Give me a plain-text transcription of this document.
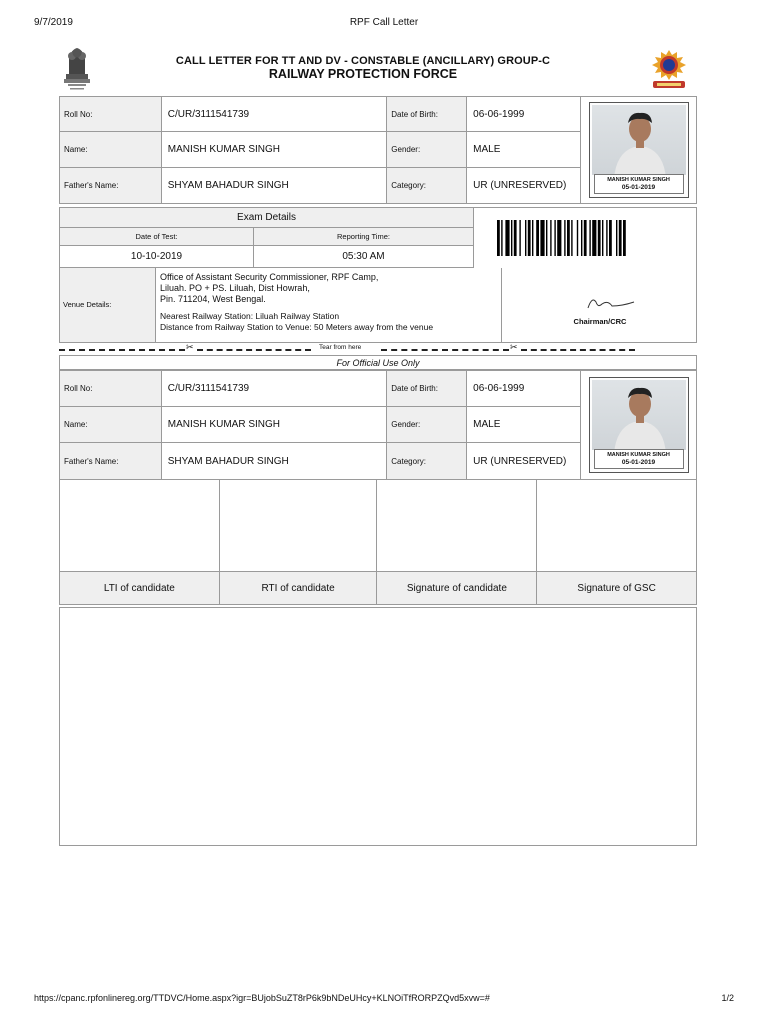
9/7/2019	RPF Call Letter
CALL LETTER FOR TT AND DV - CONSTABLE (ANCILLARY) GROUP-C
RAILWAY PROTECTION FORCE
Roll No:	C/UR/3111541739	Date of Birth:	06-06-1999	MANISH KUMAR SINGH
05-01-2019

Name:	MANISH KUMAR SINGH	Gender:	MALE	
Father's Name:	SHYAM BAHADUR SINGH	Category:	UR (UNRESERVED)	
Exam Details
Date of Test:	Reporting Time:
10-10-2019	05:30 AM
Venue Details:
Office of Assistant Security Commissioner, RPF Camp,
Liluah. PO + PS. Liluah, Dist Howrah,
Pin. 711204, West Bengal.
Nearest Railway Station: Liluah Railway Station
Distance from Railway Station to Venue: 50 Meters away from the venue
Chairman/CRC
✂	Tear from here	✂
For Official Use Only
Roll No:	C/UR/3111541739	Date of Birth:	06-06-1999	MANISH KUMAR SINGH
05-01-2019

Name:	MANISH KUMAR SINGH	Gender:	MALE	
Father's Name:	SHYAM BAHADUR SINGH	Category:	UR (UNRESERVED)	

LTI of candidate	RTI of candidate	Signature of candidate	Signature of GSC
https://cpanc.rpfonlinereg.org/TTDVC/Home.aspx?igr=BUjobSuZT8rP6k9bNDeUHcy+KLNOiTfRORPZQvd5xvw=#	1/2
